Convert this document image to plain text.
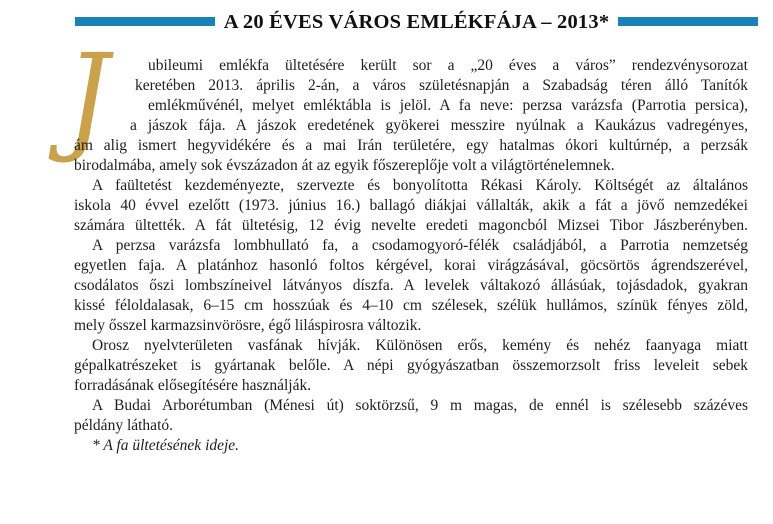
A 20 ÉVES VÁROS EMLÉKFÁJA – 2013*
J	ubileumi emlékfa ültetésére került sor a „20 éves a város” rendezvénysorozat
keretében 2013. április 2-án, a város születésnapján a Szabadság téren álló Tanítók
emlékművénél, melyet emléktábla is jelöl. A fa neve: perzsa varázsfa (Parrotia persica),
a jászok fája. A jászok eredetének gyökerei messzire nyúlnak a Kaukázus vadregényes,
ám alig ismert hegyvidékére és a mai Irán területére, egy hatalmas ókori kultúrnép, a perzsák
birodalmába, amely sok évszázadon át az egyik főszereplője volt a világtörténelemnek.
A faültetést kezdeményezte, szervezte és bonyolította Rékasi Károly. Költségét az általános
iskola 40 évvel ezelőtt (1973. június 16.) ballagó diákjai vállalták, akik a fát a jövő nemzedékei
számára ültették. A fát ültetésig, 12 évig nevelte eredeti magoncból Mizsei Tibor Jászberényben.
A perzsa varázsfa lombhullató fa, a csodamogyoró-félék családjából, a Parrotia nemzetség
egyetlen faja. A platánhoz hasonló foltos kérgével, korai virágzásával, göcsörtös ágrendszerével,
csodálatos őszi lombszíneivel látványos díszfa. A levelek váltakozó állásúak, tojásdadok, gyakran
kissé féloldalasak, 6–15 cm hosszúak és 4–10 cm szélesek, szélük hullámos, színük fényes zöld,
mely ősszel karmazsinvörösre, égő liláspirosra változik.
Orosz nyelvterületen vasfának hívják. Különösen erős, kemény és nehéz faanyaga miatt
gépalkatrészeket is gyártanak belőle. A népi gyógyászatban összemorzsolt friss leveleit sebek
forradásának elősegítésére használják.
A Budai Arborétumban (Ménesi út) soktörzsű, 9 m magas, de ennél is szélesebb százéves
példány látható.
* A fa ültetésének ideje.
